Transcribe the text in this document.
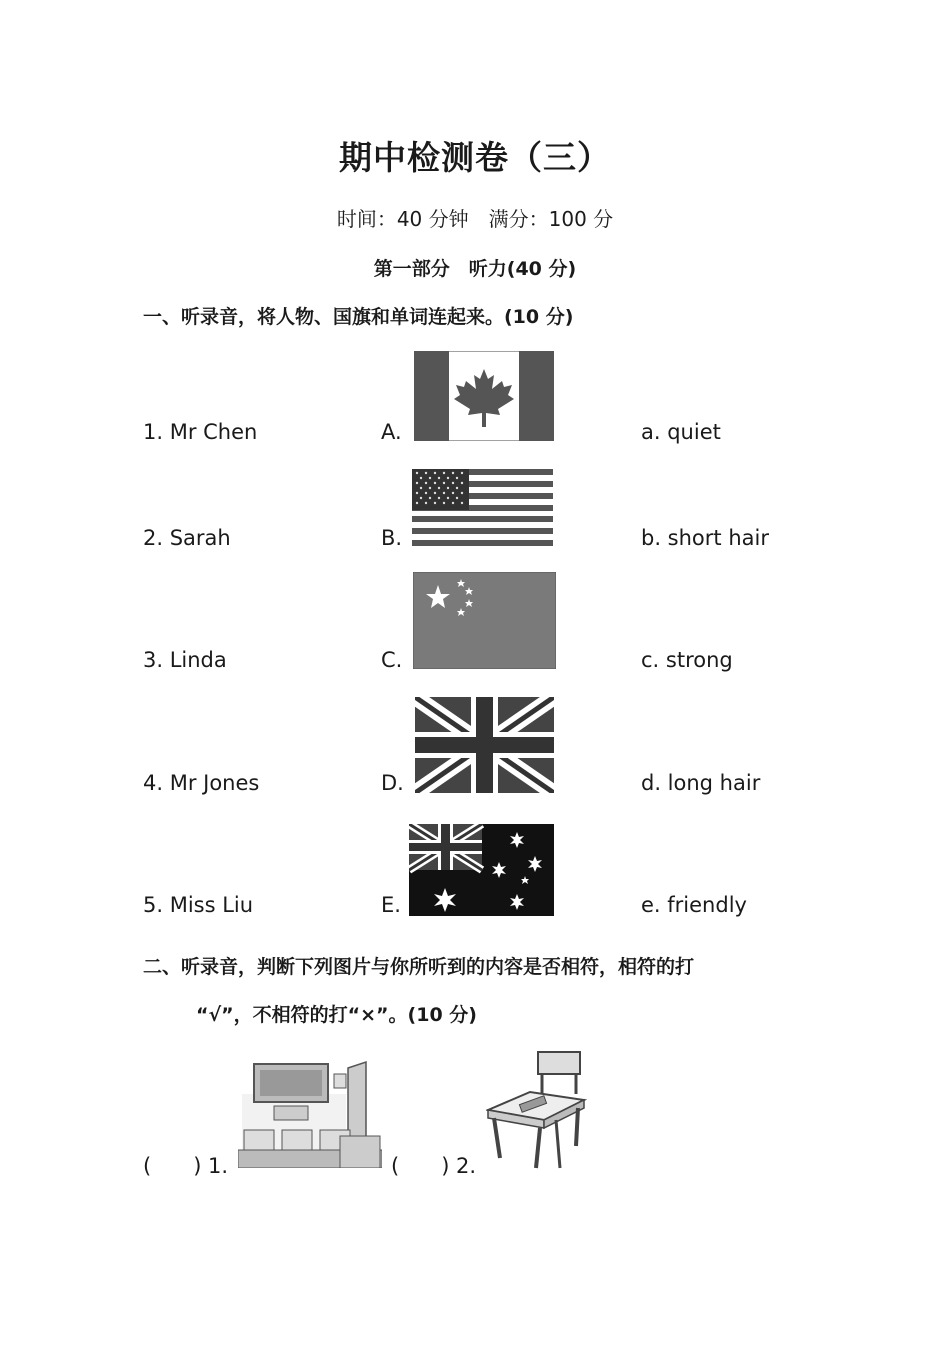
期中检测卷（三）
时间：40 分钟　满分：100 分
第一部分　听力(40 分)
一、听录音，将人物、国旗和单词连起来。(10 分)
1. Mr Chen	A.	a. quiet
2. Sarah	B.	b. short hair
3. Linda	C.	c. strong
4. Mr Jones	D.	d. long hair
5. Miss Liu	E.	e. friendly
二、听录音，判断下列图片与你所听到的内容是否相符，相符的打
“√”，不相符的打“×”。(10 分)
(　　) 1.	(　　) 2.
